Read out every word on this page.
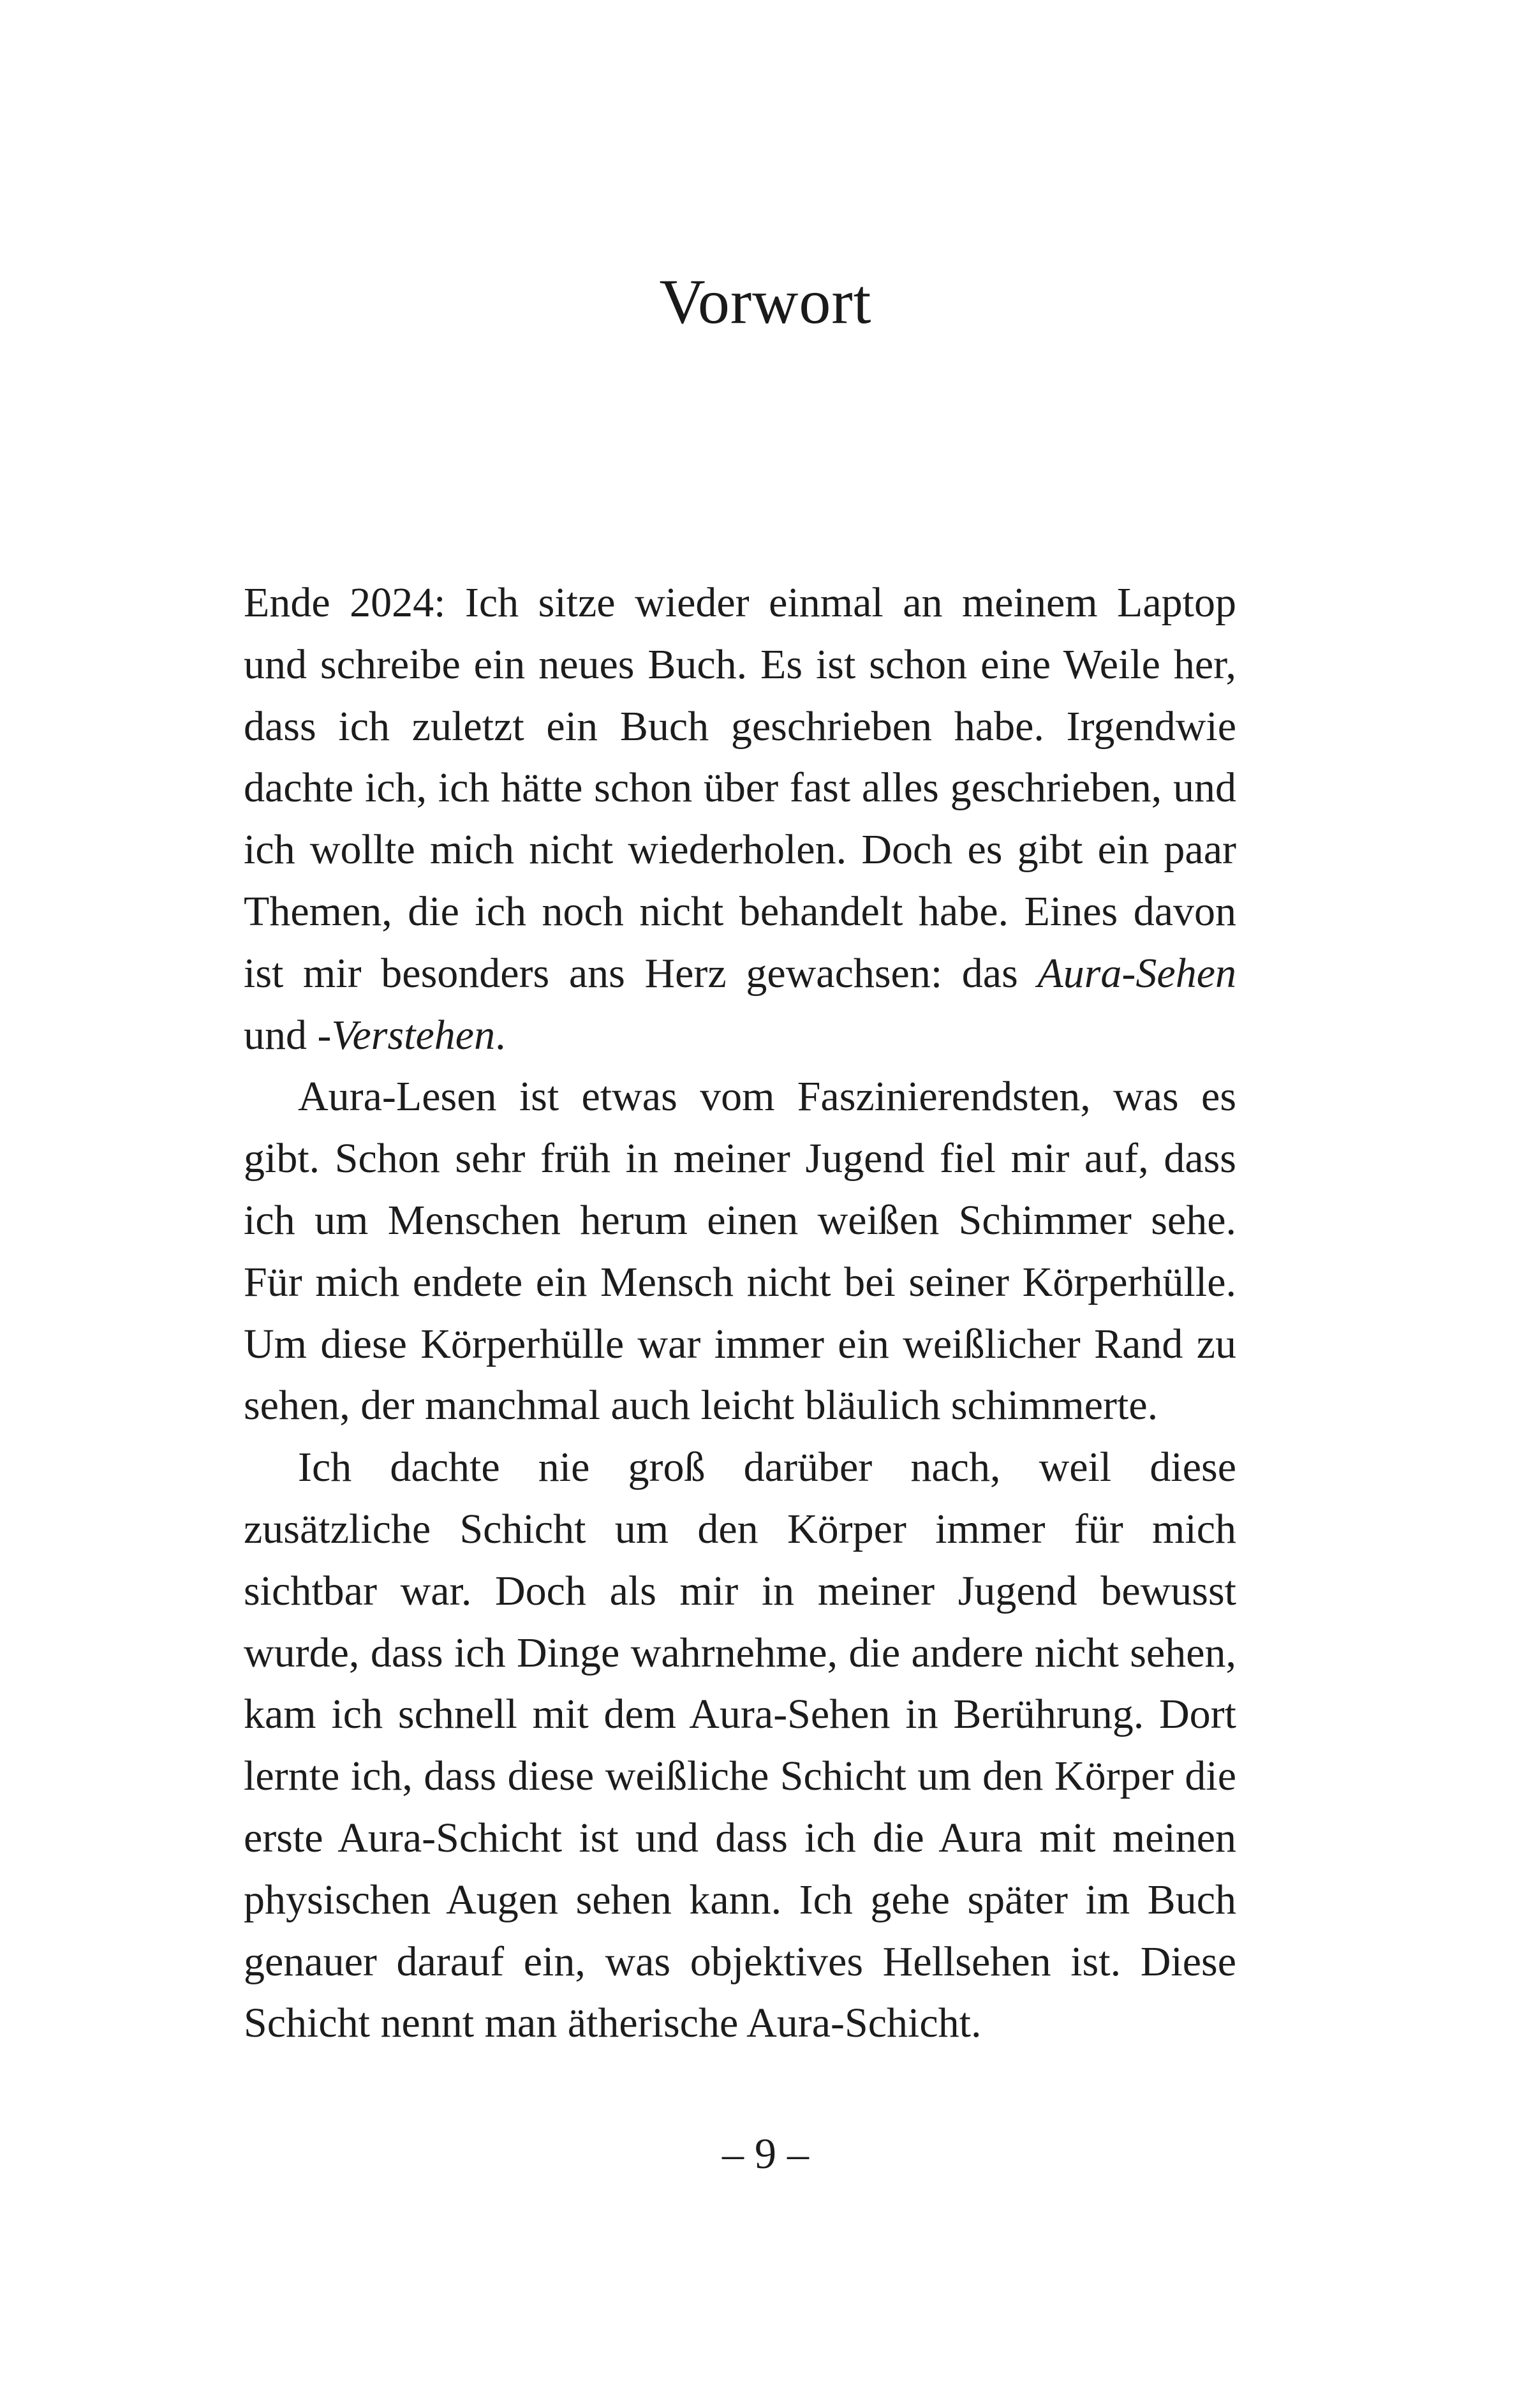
Vorwort

Ende 2024: Ich sitze wieder einmal an meinem Laptop und schreibe ein neues Buch. Es ist schon eine Weile her, dass ich zuletzt ein Buch geschrieben habe. Irgendwie dachte ich, ich hätte schon über fast alles geschrieben, und ich wollte mich nicht wiederholen. Doch es gibt ein paar Themen, die ich noch nicht behandelt habe. Eines davon ist mir besonders ans Herz gewachsen: das Aura-Sehen und -Verstehen.

Aura-Lesen ist etwas vom Faszinierendsten, was es gibt. Schon sehr früh in meiner Jugend fiel mir auf, dass ich um Menschen herum einen weißen Schimmer sehe. Für mich endete ein Mensch nicht bei seiner Körperhülle. Um diese Körperhülle war immer ein weißlicher Rand zu sehen, der manchmal auch leicht bläulich schimmerte.

Ich dachte nie groß darüber nach, weil diese zusätzliche Schicht um den Körper immer für mich sichtbar war. Doch als mir in meiner Jugend bewusst wurde, dass ich Dinge wahrnehme, die andere nicht sehen, kam ich schnell mit dem Aura-Sehen in Berührung. Dort lernte ich, dass diese weißliche Schicht um den Körper die erste Aura-Schicht ist und dass ich die Aura mit meinen physischen Augen sehen kann. Ich gehe später im Buch genauer darauf ein, was objektives Hellsehen ist. Diese Schicht nennt man ätherische Aura-Schicht.

– 9 –
